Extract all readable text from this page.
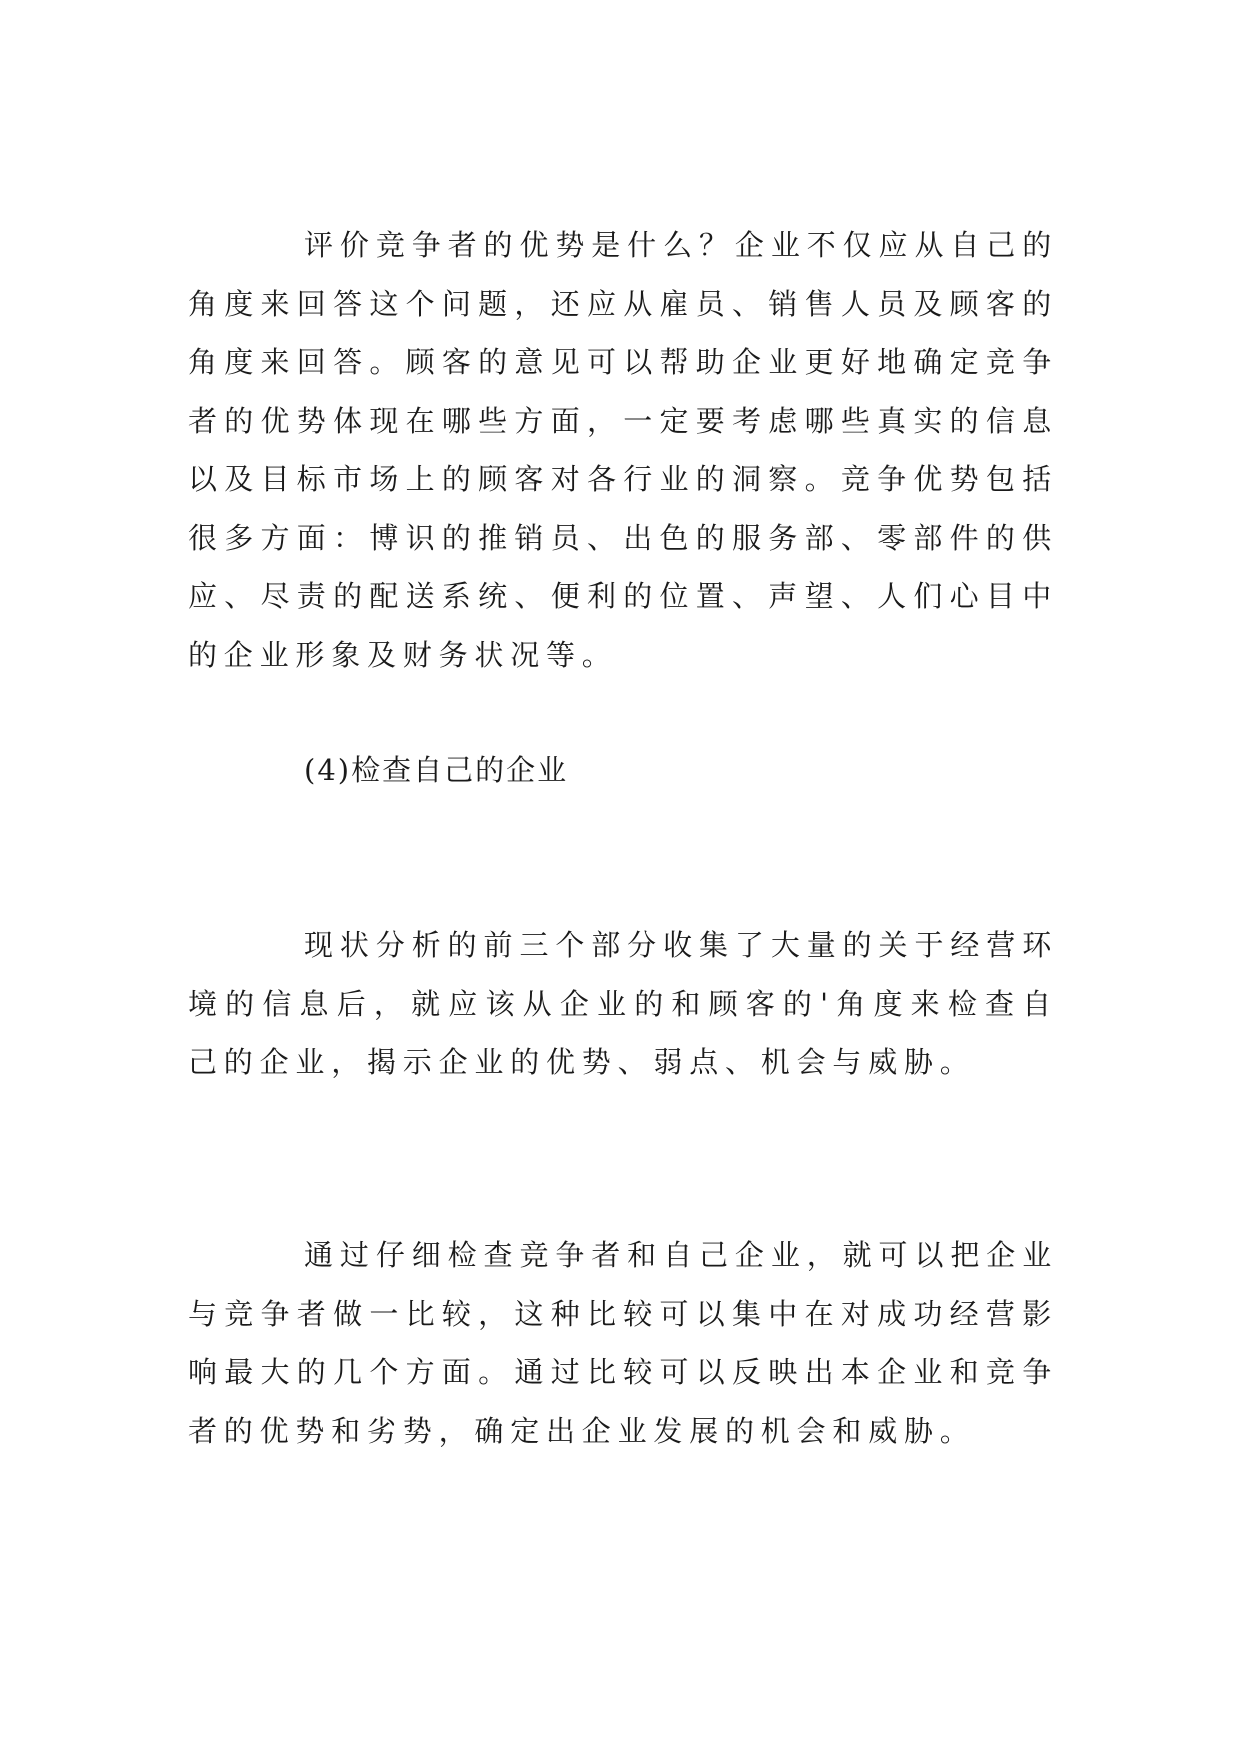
评价竞争者的优势是什么？企业不仅应从自己的角度来回答这个问题，还应从雇员、销售人员及顾客的角度来回答。顾客的意见可以帮助企业更好地确定竞争者的优势体现在哪些方面，一定要考虑哪些真实的信息以及目标市场上的顾客对各行业的洞察。竞争优势包括很多方面：博识的推销员、出色的服务部、零部件的供应、尽责的配送系统、便利的位置、声望、人们心目中的企业形象及财务状况等。

(4)检查自己的企业

现状分析的前三个部分收集了大量的关于经营环境的信息后，就应该从企业的和顾客的'角度来检查自己的企业，揭示企业的优势、弱点、机会与威胁。

通过仔细检查竞争者和自己企业，就可以把企业与竞争者做一比较，这种比较可以集中在对成功经营影响最大的几个方面。通过比较可以反映出本企业和竞争者的优势和劣势，确定出企业发展的机会和威胁。
